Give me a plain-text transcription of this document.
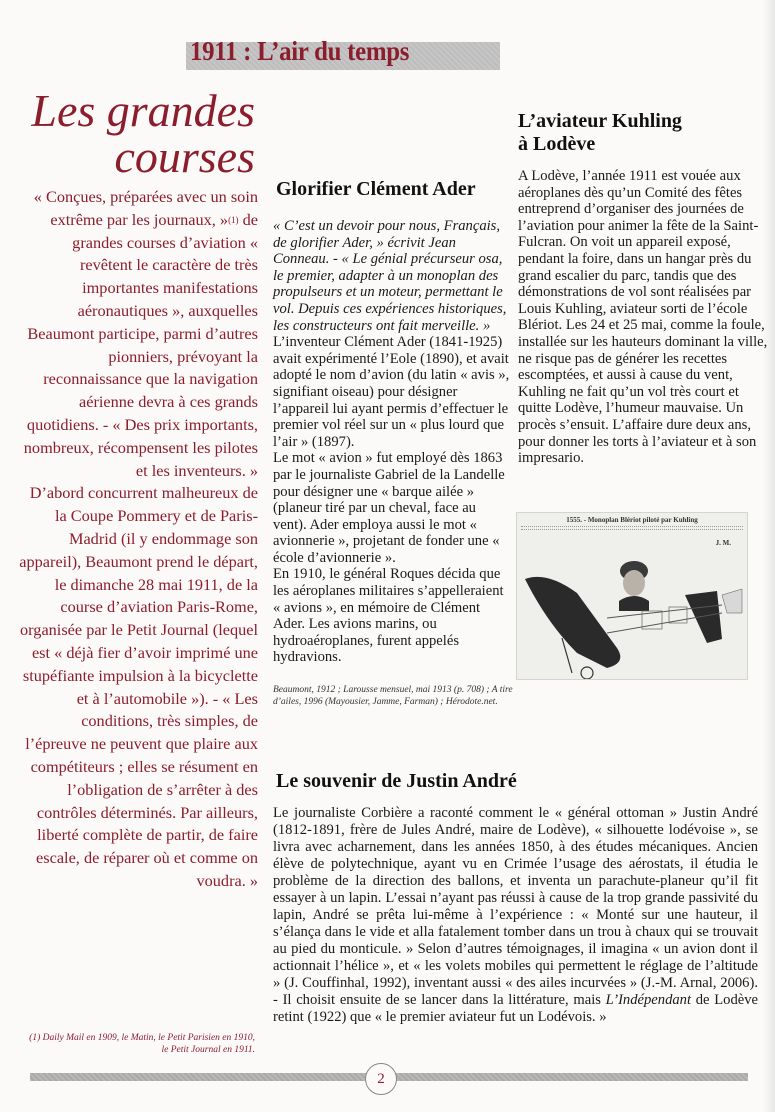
1911 : L’air du temps
Les grandes
courses
« Conçues, préparées avec un soin extrême par les journaux, »$^{(1)}$ de grandes courses d’aviation « revêtent le caractère de très importantes manifestations aéronautiques », auxquelles Beaumont participe, parmi d’autres pionniers, prévoyant la reconnaissance que la navigation aérienne devra à ces grands quotidiens. - « Des prix importants, nombreux, récompensent les pilotes et les inventeurs. »
D’abord concurrent malheureux de la Coupe Pommery et de Paris-Madrid (il y endommage son appareil), Beaumont prend le départ, le dimanche 28 mai 1911, de la course d’aviation Paris-Rome, organisée par le Petit Journal (lequel est « déjà fier d’avoir imprimé une stupéfiante impulsion à la bicyclette et à l’automobile »). - « Les conditions, très simples, de l’épreuve ne peuvent que plaire aux compétiteurs ; elles se résument en l’obligation de s’arrêter à des contrôles déterminés. Par ailleurs, liberté complète de partir, de faire escale, de réparer où et comme on voudra. »
(1) Daily Mail en 1909, le Matin, le Petit Parisien en 1910, le Petit Journal en 1911.
Glorifier Clément Ader
« C’est un devoir pour nous, Français, de glorifier Ader, » écrivit Jean Conneau. - « Le génial précurseur osa, le premier, adapter à un monoplan des propulseurs et un moteur, permettant le vol. Depuis ces expériences historiques, les constructeurs ont fait merveille. »
L’inventeur Clément Ader (1841-1925) avait expérimenté l’Eole (1890), et avait adopté le nom d’avion (du latin « avis », signifiant oiseau) pour désigner l’appareil lui ayant permis d’effectuer le premier vol réel sur un « plus lourd que l’air » (1897).
Le mot « avion » fut employé dès 1863 par le journaliste Gabriel de la Landelle pour désigner une « barque ailée » (planeur tiré par un cheval, face au vent). Ader employa aussi le mot « avionnerie », projetant de fonder une « école d’avionnerie ».
En 1910, le général Roques décida que les aéroplanes militaires s’appelleraient « avions », en mémoire de Clément Ader. Les avions marins, ou hydroaéroplanes, furent appelés hydravions.
Beaumont, 1912 ; Larousse mensuel, mai 1913 (p. 708) ; A tire d’ailes, 1996 (Mayousier, Jamme, Farman) ; Hérodote.net.
L’aviateur Kuhling
à Lodève
A Lodève, l’année 1911 est vouée aux aéroplanes dès qu’un Comité des fêtes entreprend d’organiser des journées de l’aviation pour animer la fête de la Saint-Fulcran. On voit un appareil exposé, pendant la foire, dans un hangar près du grand escalier du parc, tandis que des démonstrations de vol sont réalisées par Louis Kuhling, aviateur sorti de l’école Blériot. Les 24 et 25 mai, comme la foule, installée sur les hauteurs dominant la ville, ne risque pas de générer les recettes escomptées, et aussi à cause du vent, Kuhling ne fait qu’un vol très court et quitte Lodève, l’humeur mauvaise. Un procès s’ensuit. L’affaire dure deux ans, pour donner les torts à l’aviateur et à son impresario.
1555. - Monoplan Blériot piloté par Kuhling
J. M.
Le souvenir de Justin André
Le journaliste Corbière a raconté comment le « général ottoman » Justin André (1812-1891, frère de Jules André, maire de Lodève), « silhouette lodévoise », se livra avec acharnement, dans les années 1850, à des études mécaniques. Ancien élève de polytechnique, ayant vu en Crimée l’usage des aérostats, il étudia le problème de la direction des ballons, et inventa un parachute-planeur qu’il fit essayer à un lapin. L’essai n’ayant pas réussi à cause de la trop grande passivité du lapin, André se prêta lui-même à l’expérience : « Monté sur une hauteur, il s’élança dans le vide et alla fatalement tomber dans un trou à chaux qui se trouvait au pied du monticule. » Selon d’autres témoignages, il imagina « un avion dont il actionnait l’hélice », et « les volets mobiles qui permettent le réglage de l’altitude » (J. Couffinhal, 1992), inventant aussi « des ailes incurvées » (J.-M. Arnal, 2006). - Il choisit ensuite de se lancer dans la littérature, mais L’Indépendant de Lodève retint (1922) que « le premier aviateur fut un Lodévois. »
2
